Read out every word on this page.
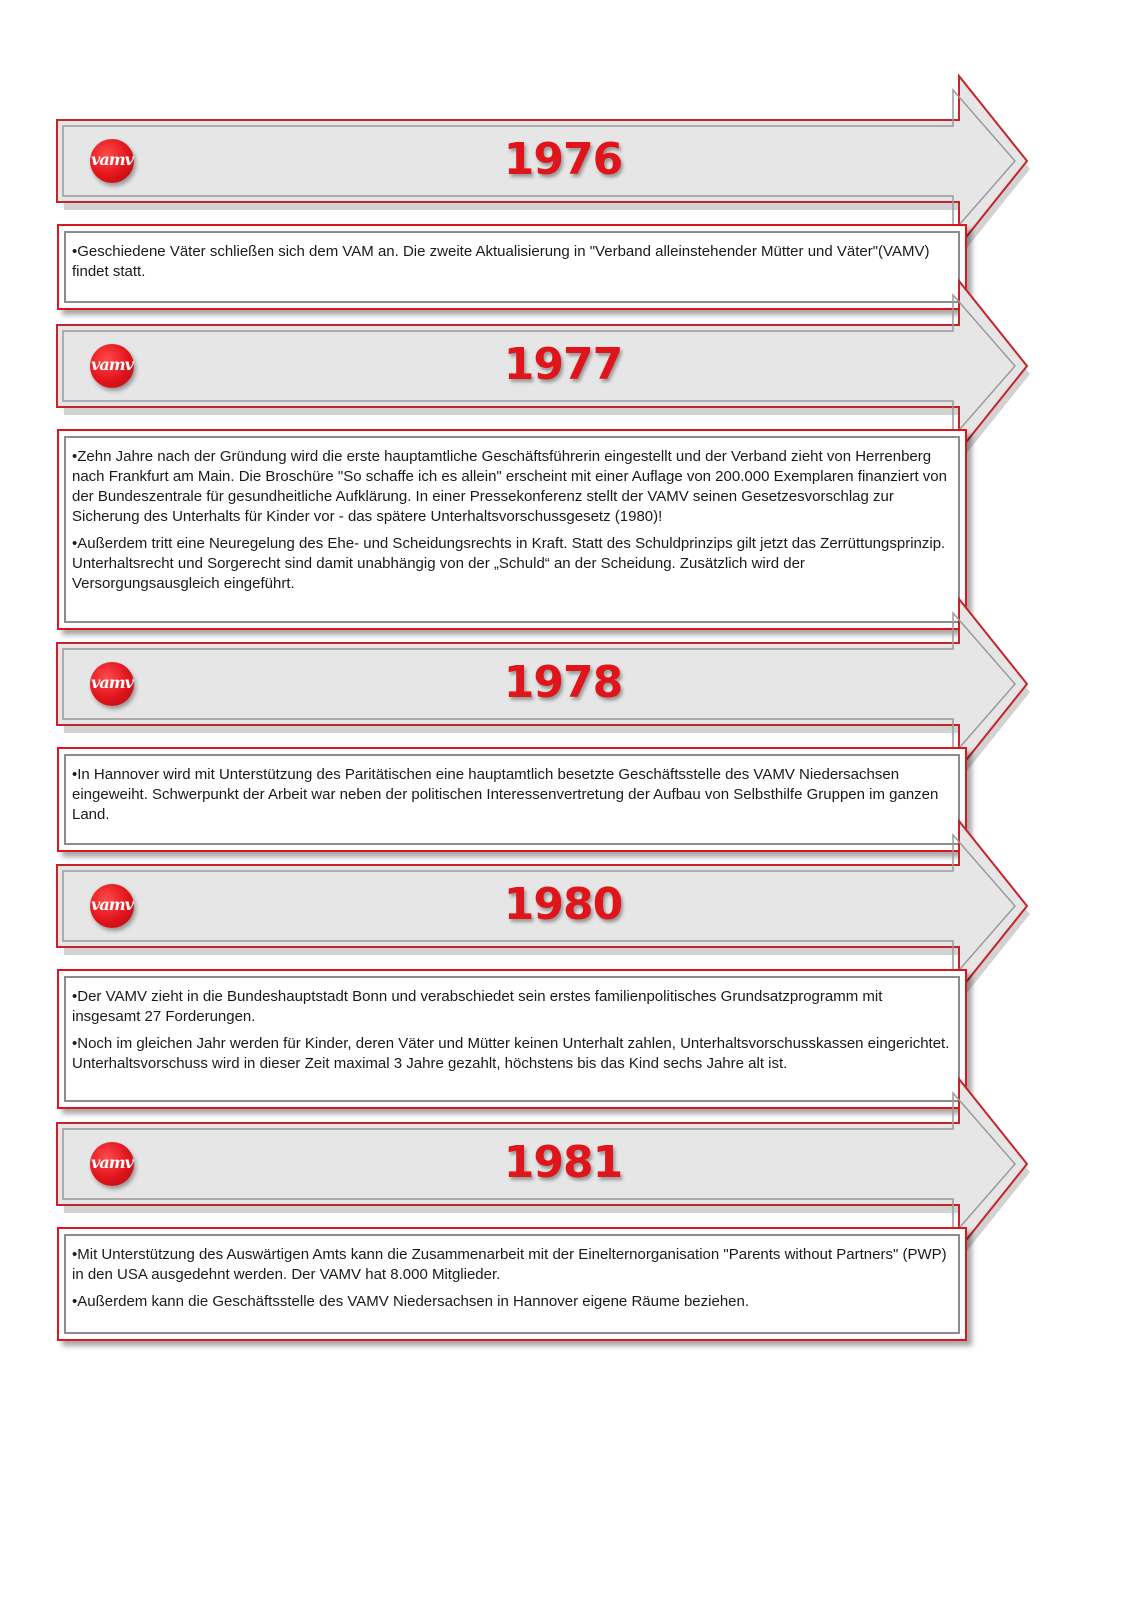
vamv	1976

•Geschiedene Väter schließen sich dem VAM an. Die zweite Aktualisierung in "Verband alleinstehender Mütter und Väter"(VAMV) findet statt.

vamv	1977

•Zehn Jahre nach der Gründung wird die erste hauptamtliche Geschäftsführerin eingestellt und der Verband zieht von Herrenberg nach Frankfurt am Main. Die Broschüre "So schaffe ich es allein" erscheint mit einer Auflage von 200.000 Exemplaren finanziert von der Bundeszentrale für gesundheitliche Aufklärung. In einer Pressekonferenz stellt der VAMV seinen Gesetzesvorschlag zur Sicherung des Unterhalts für Kinder vor - das spätere Unterhaltsvorschussgesetz (1980)!

•Außerdem tritt eine Neuregelung des Ehe- und Scheidungsrechts in Kraft. Statt des Schuldprinzips gilt jetzt das Zerrüttungsprinzip. Unterhaltsrecht und Sorgerecht sind damit unabhängig von der „Schuld“ an der Scheidung. Zusätzlich wird der Versorgungsausgleich eingeführt.

vamv	1978

•In Hannover wird mit Unterstützung des Paritätischen eine hauptamtlich besetzte Geschäftsstelle des VAMV Niedersachsen eingeweiht. Schwerpunkt der Arbeit war neben der politischen Interessenvertretung der Aufbau von Selbsthilfe Gruppen im ganzen Land.

vamv	1980

•Der VAMV zieht in die Bundeshauptstadt Bonn und verabschiedet sein erstes familienpolitisches Grundsatzprogramm mit insgesamt 27 Forderungen.

•Noch im gleichen Jahr werden für Kinder, deren Väter und Mütter keinen Unterhalt zahlen, Unterhaltsvorschusskassen eingerichtet. Unterhaltsvorschuss wird in dieser Zeit maximal 3 Jahre gezahlt, höchstens bis das Kind sechs Jahre alt ist.

vamv	1981

•Mit Unterstützung des Auswärtigen Amts kann die Zusammenarbeit mit der Einelternorganisation "Parents without Partners" (PWP) in den USA ausgedehnt werden. Der VAMV hat 8.000 Mitglieder.

•Außerdem kann die Geschäftsstelle des VAMV Niedersachsen in Hannover eigene Räume beziehen.
